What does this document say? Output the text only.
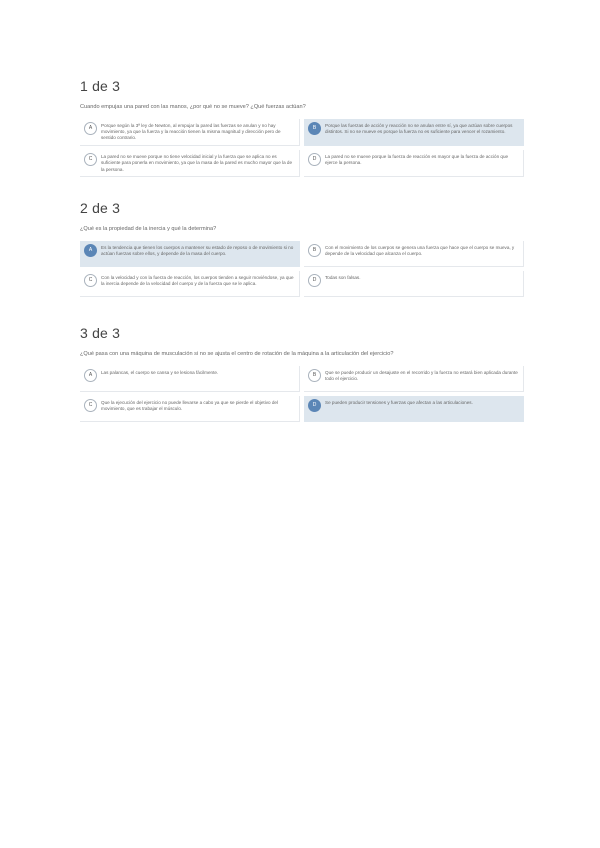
1 de 3
Cuando empujas una pared con las manos, ¿por qué no se mueve? ¿Qué fuerzas actúan?
A	Porque según la 3ª ley de Newton, al empujar la pared las fuerzas se anulan y no hay movimiento, ya que la fuerza y la reacción tienen la misma magnitud y dirección pero de sentido contrario.
B	Porque las fuerzas de acción y reacción no se anulan entre sí, ya que actúan sobre cuerpos distintos. Si no se mueve es porque la fuerza no es suficiente para vencer el rozamiento.
C	La pared no se mueve porque no tiene velocidad inicial y la fuerza que se aplica no es suficiente para ponerla en movimiento, ya que la masa de la pared es mucho mayor que la de la persona.
D	La pared no se mueve porque la fuerza de reacción es mayor que la fuerza de acción que ejerce la persona.
2 de 3
¿Qué es la propiedad de la inercia y qué la determina?
A	Es la tendencia que tienen los cuerpos a mantener su estado de reposo o de movimiento si no actúan fuerzas sobre ellos, y depende de la masa del cuerpo.
B	Con el movimiento de los cuerpos se genera una fuerza que hace que el cuerpo se mueva, y depende de la velocidad que alcanza el cuerpo.
C	Con la velocidad y con la fuerza de reacción, los cuerpos tienden a seguir moviéndose, ya que la inercia depende de la velocidad del cuerpo y de la fuerza que se le aplica.
D	Todas son falsas.
3 de 3
¿Qué pasa con una máquina de musculación si no se ajusta el centro de rotación de la máquina a la articulación del ejercicio?
A	Las palancas, el cuerpo se cansa y se lesiona fácilmente.	B	Que se puede producir un desajuste en el recorrido y la fuerza no estará bien aplicada durante todo el ejercicio.
C	Que la ejecución del ejercicio no puede llevarse a cabo ya que se pierde el objetivo del movimiento, que es trabajar el músculo.
D	Se pueden producir tensiones y fuerzas que afectan a las articulaciones.
